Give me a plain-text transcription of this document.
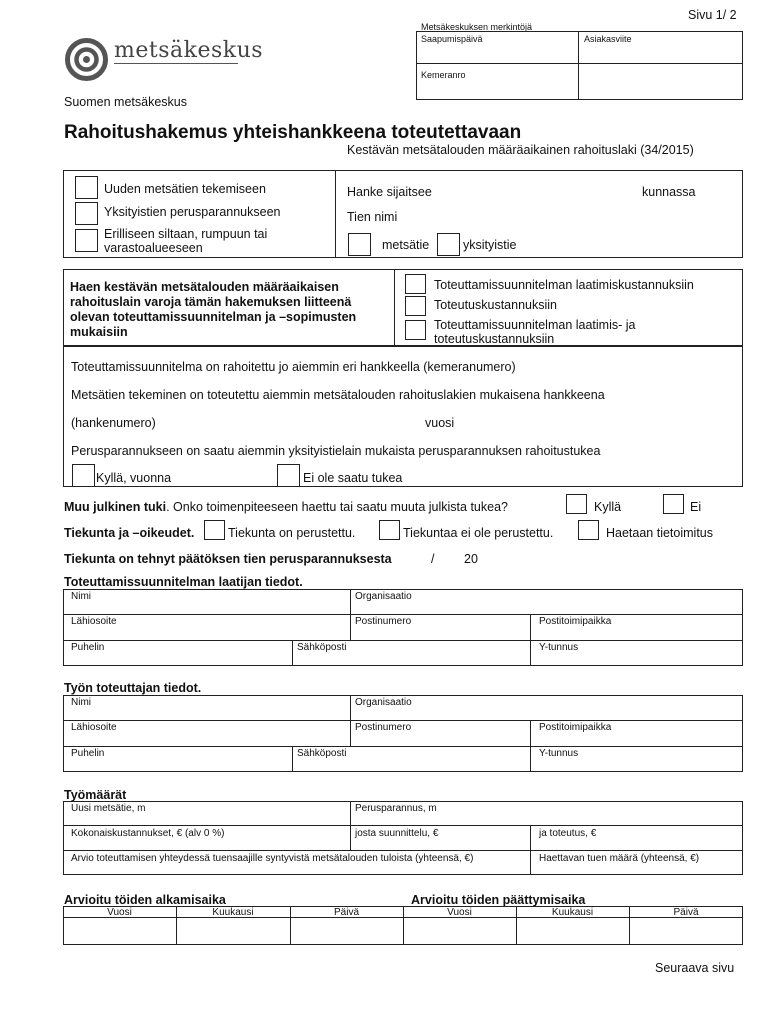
Sivu 1/ 2
Metsäkeskuksen merkintöjä
Saapumispäivä	Asiakasviite
Kemeranro
metsäkeskus
Suomen metsäkeskus
Rahoitushakemus yhteishankkeena toteutettavaan
Kestävän metsätalouden määräaikainen rahoituslaki (34/2015)
Uuden metsätien tekemiseen
Yksityistien perusparannukseen
Erilliseen siltaan, rumpuun tai
varastoalueeseen
Hanke sijaitsee	kunnassa
Tien nimi
metsätie	yksityistie
Haen kestävän metsätalouden määräaikaisen
rahoituslain varoja tämän hakemuksen liitteenä
olevan toteuttamissuunnitelman ja –sopimusten
mukaisiin
Toteuttamissuunnitelman laatimiskustannuksiin
Toteutuskustannuksiin
Toteuttamissuunnitelman laatimis- ja
toteutuskustannuksiin
Toteuttamissuunnitelma on rahoitettu jo aiemmin eri hankkeella (kemeranumero)
Metsätien tekeminen on toteutettu aiemmin metsätalouden rahoituslakien mukaisena hankkeena
(hankenumero)	vuosi
Perusparannukseen on saatu aiemmin yksityistielain mukaista perusparannuksen rahoitustukea
Kyllä, vuonna	Ei ole saatu tukea
Muu julkinen tuki. Onko toimenpiteeseen haettu tai saatu muuta julkista tukea?	Kyllä	Ei
Tiekunta ja –oikeudet.	Tiekunta on perustettu.	Tiekuntaa ei ole perustettu.	Haetaan tietoimitus
Tiekunta on tehnyt päätöksen tien perusparannuksesta	/ 20
Toteuttamissuunnitelman laatijan tiedot.
Nimi	Organisaatio
Lähiosoite	Postinumero	Postitoimipaikka
Puhelin	Sähköposti	Y-tunnus
Työn toteuttajan tiedot.
Nimi	Organisaatio
Lähiosoite	Postinumero	Postitoimipaikka
Puhelin	Sähköposti	Y-tunnus
Työmäärät
Uusi metsätie, m	Perusparannus, m
Kokonaiskustannukset, € (alv 0 %)	josta suunnittelu, €	ja toteutus, €
Arvio toteuttamisen yhteydessä tuensaajille syntyvistä metsätalouden tuloista (yhteensä, €)	Haettavan tuen määrä (yhteensä, €)
Arvioitu töiden alkamisaika	Arvioitu töiden päättymisaika
Vuosi	Kuukausi	Päivä	Vuosi	Kuukausi	Päivä
Seuraava sivu
